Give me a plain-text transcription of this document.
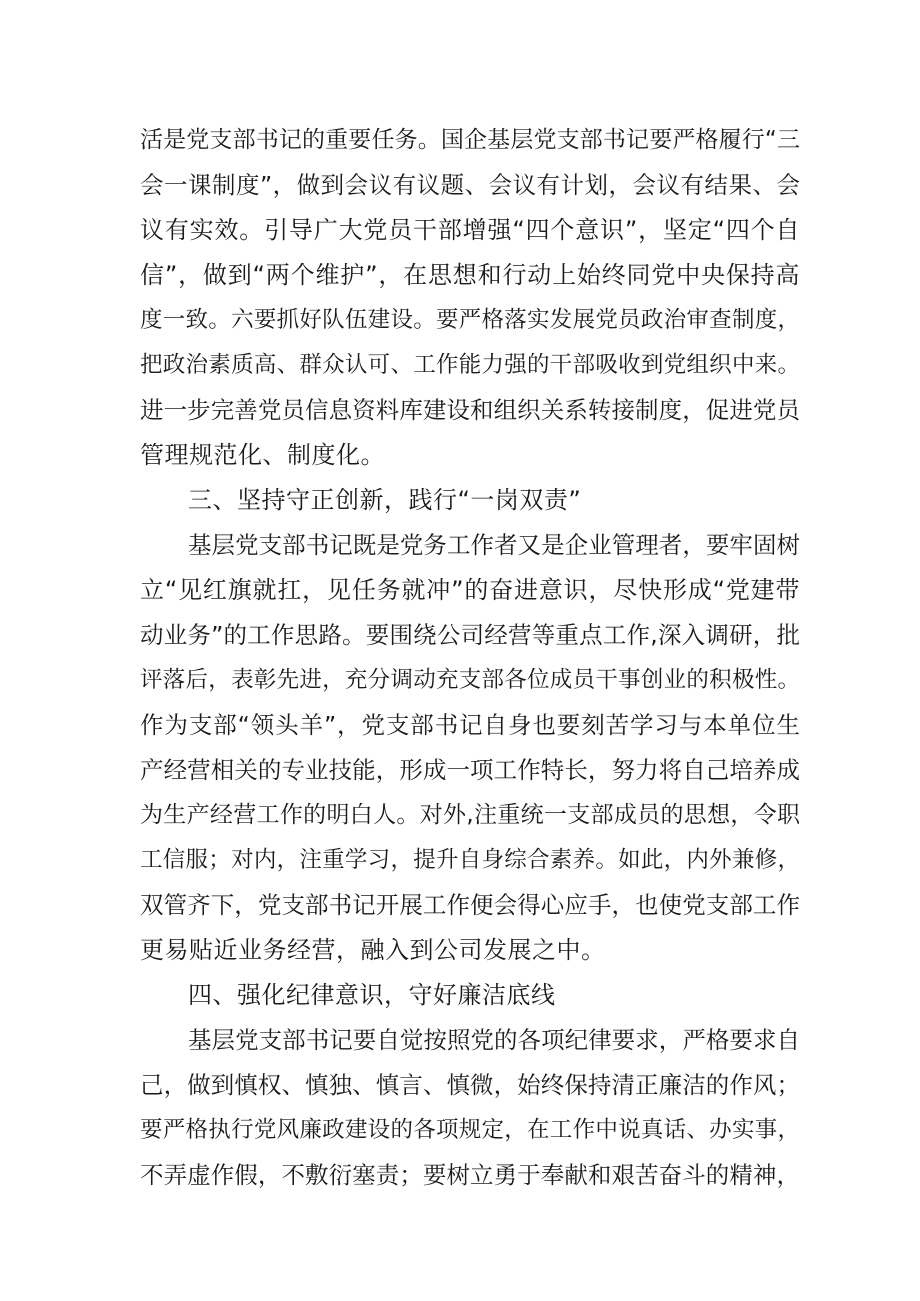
活是党支部书记的重要任务。国企基层党支部书记要严格履行“三
会一课制度”，做到会议有议题、会议有计划，会议有结果、会
议有实效。引导广大党员干部增强“四个意识”，坚定“四个自
信”，做到“两个维护”，在思想和行动上始终同党中央保持高
度一致。六要抓好队伍建设。要严格落实发展党员政治审查制度，
把政治素质高、群众认可、工作能力强的干部吸收到党组织中来。
进一步完善党员信息资料库建设和组织关系转接制度，促进党员
管理规范化、制度化。
三、坚持守正创新，践行“一岗双责”
基层党支部书记既是党务工作者又是企业管理者，要牢固树
立“见红旗就扛，见任务就冲”的奋进意识，尽快形成“党建带
动业务”的工作思路。要围绕公司经营等重点工作,深入调研，批
评落后，表彰先进，充分调动充支部各位成员干事创业的积极性。
作为支部“领头羊”，党支部书记自身也要刻苦学习与本单位生
产经营相关的专业技能，形成一项工作特长，努力将自己培养成
为生产经营工作的明白人。对外,注重统一支部成员的思想，令职
工信服；对内，注重学习，提升自身综合素养。如此，内外兼修，
双管齐下，党支部书记开展工作便会得心应手，也使党支部工作
更易贴近业务经营，融入到公司发展之中。
四、强化纪律意识，守好廉洁底线
基层党支部书记要自觉按照党的各项纪律要求，严格要求自
己，做到慎权、慎独、慎言、慎微，始终保持清正廉洁的作风；
要严格执行党风廉政建设的各项规定，在工作中说真话、办实事，
不弄虚作假，不敷衍塞责；要树立勇于奉献和艰苦奋斗的精神，
